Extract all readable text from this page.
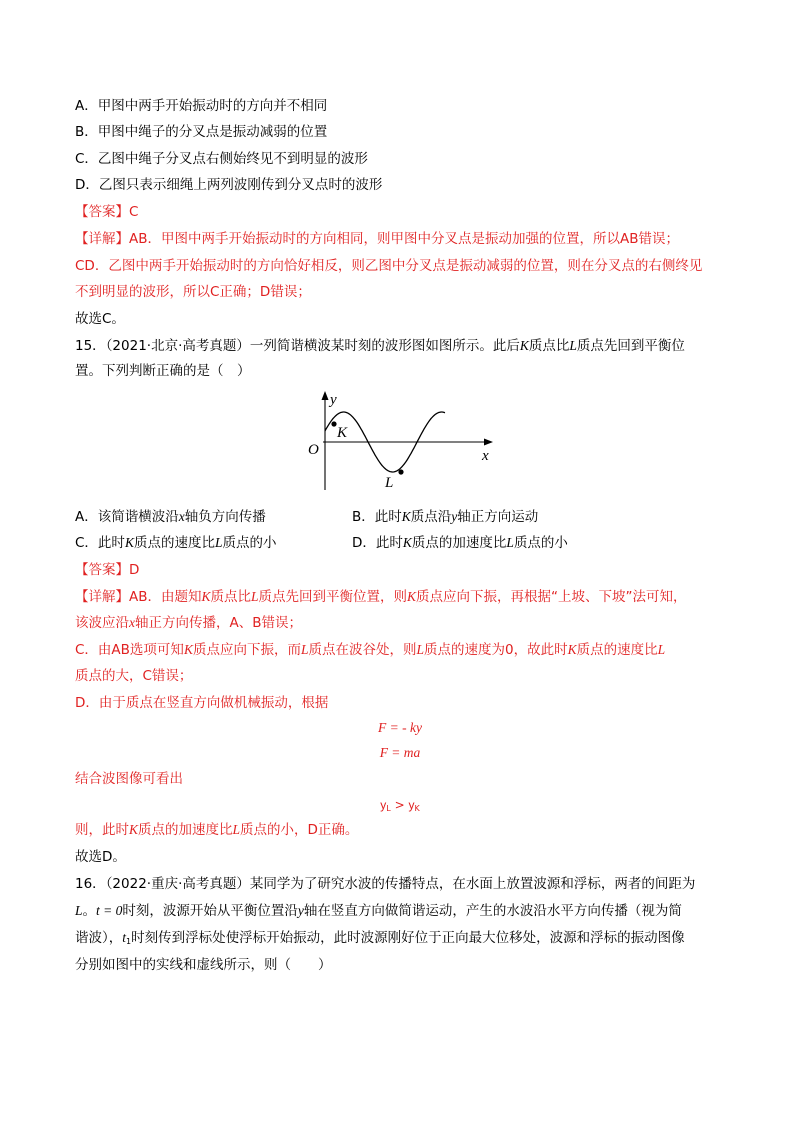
A．甲图中两手开始振动时的方向并不相同
B．甲图中绳子的分叉点是振动减弱的位置
C．乙图中绳子分叉点右侧始终见不到明显的波形
D．乙图只表示细绳上两列波刚传到分叉点时的波形
【答案】C
【详解】AB．甲图中两手开始振动时的方向相同，则甲图中分叉点是振动加强的位置，所以AB错误；
CD．乙图中两手开始振动时的方向恰好相反，则乙图中分叉点是振动减弱的位置，则在分叉点的右侧终见
不到明显的波形，所以C正确；D错误；
故选C。
15．（2021·北京·高考真题）一列简谐横波某时刻的波形图如图所示。此后K质点比L质点先回到平衡位
置。下列判断正确的是（　）
y
x
O
K
L
A．该简谐横波沿x轴负方向传播	B．此时K质点沿y轴正方向运动
C．此时K质点的速度比L质点的小	D．此时K质点的加速度比L质点的小
【答案】D
【详解】AB．由题知K质点比L质点先回到平衡位置，则K质点应向下振，再根据“上坡、下坡”法可知，
该波应沿x轴正方向传播，A、B错误；
C．由AB选项可知K质点应向下振，而L质点在波谷处，则L质点的速度为0，故此时K质点的速度比L
质点的大，C错误；
D．由于质点在竖直方向做机械振动，根据
F = - ky
F = ma
结合波图像可看出
$y_L > y_K$
则，此时K质点的加速度比L质点的小，D正确。
故选D。
16．（2022·重庆·高考真题）某同学为了研究水波的传播特点，在水面上放置波源和浮标，两者的间距为
L。t = 0时刻，波源开始从平衡位置沿y轴在竖直方向做简谐运动，产生的水波沿水平方向传播（视为简
谐波），$t_1$时刻传到浮标处使浮标开始振动，此时波源刚好位于正向最大位移处，波源和浮标的振动图像
分别如图中的实线和虚线所示，则（　　）
